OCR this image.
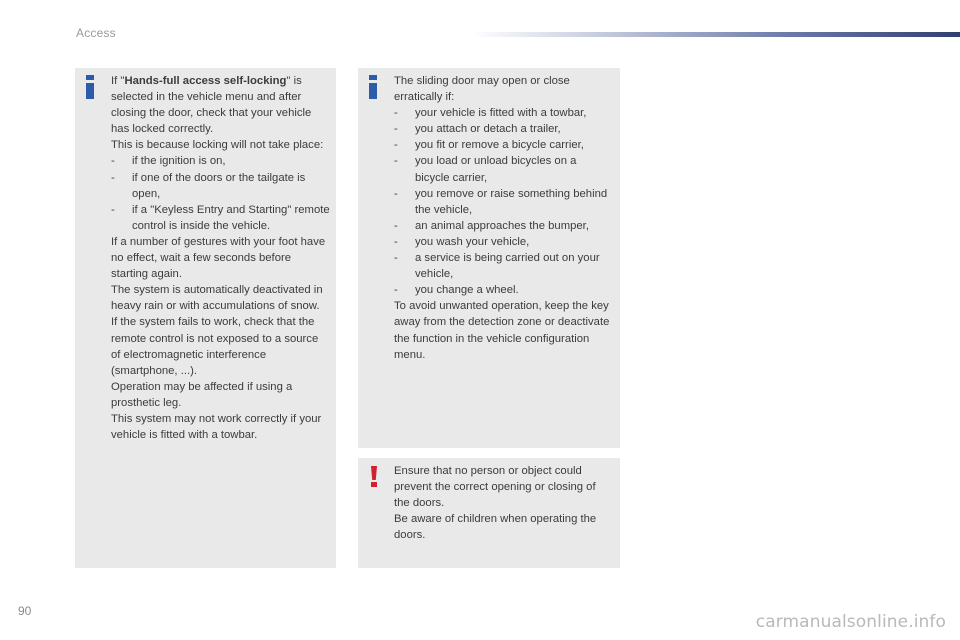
Access

If "Hands-full access self-locking" is selected in the vehicle menu and after closing the door, check that your vehicle has locked correctly.

This is because locking will not take place:

-	if the ignition is on,
-	if one of the doors or the tailgate is open,
-	if a "Keyless Entry and Starting" remote control is inside the vehicle.

If a number of gestures with your foot have no effect, wait a few seconds before starting again.

The system is automatically deactivated in heavy rain or with accumulations of snow.

If the system fails to work, check that the remote control is not exposed to a source of electromagnetic interference (smartphone, ...).

Operation may be affected if using a prosthetic leg.

This system may not work correctly if your vehicle is fitted with a towbar.

The sliding door may open or close erratically if:

-	your vehicle is fitted with a towbar,
-	you attach or detach a trailer,
-	you fit or remove a bicycle carrier,
-	you load or unload bicycles on a bicycle carrier,
-	you remove or raise something behind the vehicle,
-	an animal approaches the bumper,
-	you wash your vehicle,
-	a service is being carried out on your vehicle,
-	you change a wheel.

To avoid unwanted operation, keep the key away from the detection zone or deactivate the function in the vehicle configuration menu.

Ensure that no person or object could prevent the correct opening or closing of the doors.

Be aware of children when operating the doors.

90
carmanualsonline.info
